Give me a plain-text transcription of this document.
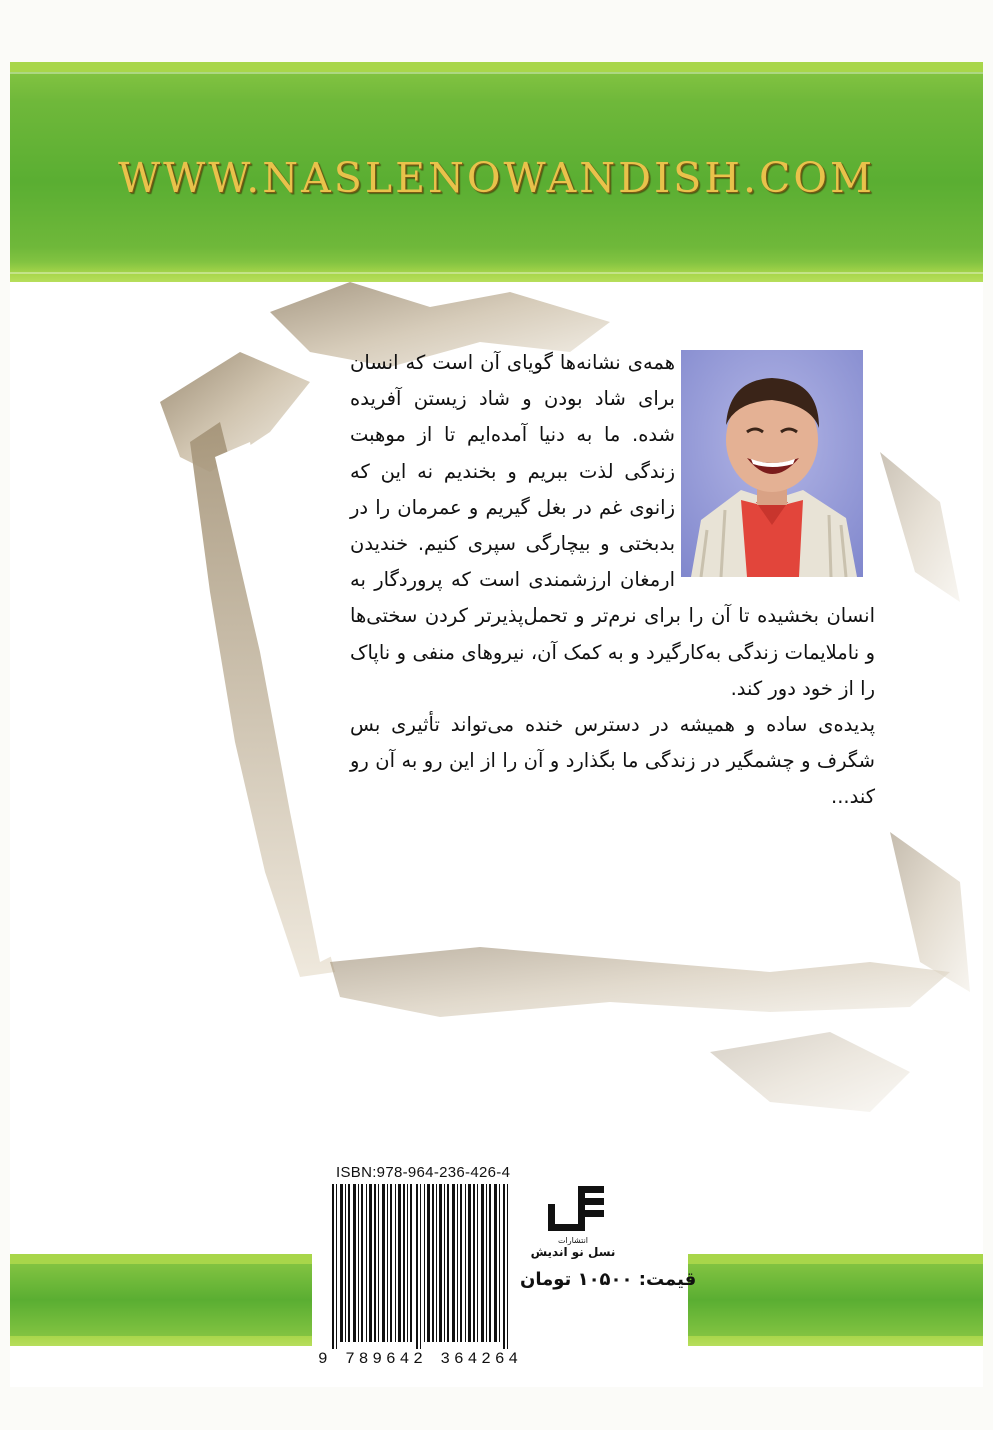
WWW.NASLENOWANDISH.COM

همه‌ی نشانه‌ها گویای آن است که انسان برای شاد بودن و شاد زیستن آفریده شده. ما به دنیا آمده‌ایم تا از موهبت زندگی لذت ببریم و بخندیم نه این که زانوی غم در بغل گیریم و عمرمان را در بدبختی و بیچارگی سپری کنیم. خندیدن ارمغان ارزشمندی است که پروردگار به انسان بخشیده تا آن را برای نرم‌تر و تحمل‌پذیرتر کردن سختی‌ها و ناملایمات زندگی به‌کارگیرد و به کمک آن، نیروهای منفی و ناپاک را از خود دور کند.

پدیده‌ی ساده و همیشه در دسترس خنده می‌تواند تأثیری بس شگرف و چشمگیر در زندگی ما بگذارد و آن را از این رو به آن رو کند...

ISBN:978-964-236-426-4
9 789642 364264
انتشارات
نسل نو اندیش
قیمت: ۱۰۵۰۰ تومان
